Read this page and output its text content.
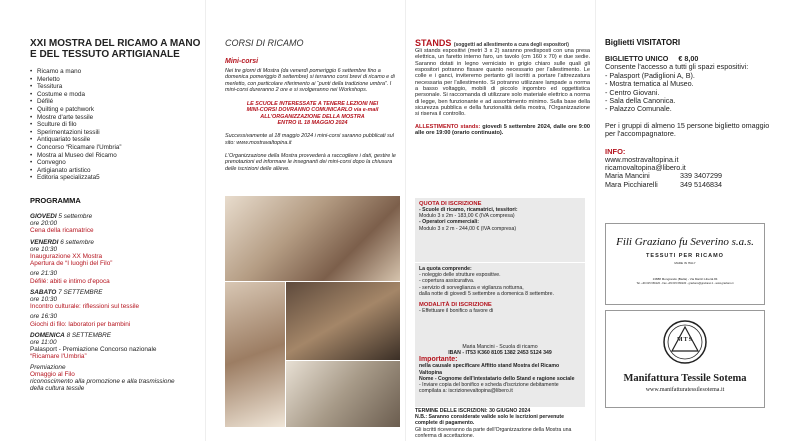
XXI MOSTRA DEL RICAMO A MANO
E DEL TESSUTO ARTIGIANALE
• Ricamo a mano
• Merletto
• Tessitura
• Costume e moda
• Défilé
• Quilting e patchwork
• Mostre d'arte tessile
• Sculture di filo
• Sperimentazioni tessili
• Antiquariato tessile
• Concorso “Ricamare l'Umbria”
• Mostra al Museo del Ricamo
• Convegno
• Artigianato artistico
• Editoria specializzata5

PROGRAMMA

GIOVEDI 5 settembre

ore 20:00

Cena della ricamatrice

VENERDI 6 settembre

ore 10:30

Inaugurazione XX Mostra

Apertura de “I luoghi del Filo”

ore 21:30

Défilé: abiti e intimo d'epoca

SABATO 7 SETTEMBRE

ore 10:30

Incontro culturale: riflessioni sul tessile

ore 16:30

Giochi di filo: laboratori per bambini

DOMENICA 8 SETTEMBRE

ore 11:00

Palasport - Premiazione Concorso nazionale

“Ricamare l'Umbria”

Premiazione

Omaggio al Filo

riconoscimento alla promozione e alla trasmissione della cultura tessile

CORSI DI RICAMO

Mini-corsi

Nei tre giorni di Mostra (da venerdì pomeriggio 6 settembre fino a domenica pomeriggio 8 settembre) si terranno corsi brevi di ricamo e di merletto, con particolare riferimento ai “punti della tradizione umbra”. I mini-corsi dureranno 2 ore e si svolgeranno nei Workshops.

LE SCUOLE INTERESSATE A TENERE LEZIONI NEI

MINI-CORSI DOVRANNO COMUNICARLO via e-mail

ALL'ORGANIZZAZIONE DELLA MOSTRA

ENTRO IL 18 MAGGIO 2024

Successivamente al 18 maggio 2024 i mini-corsi saranno pubblicati sul sito: www.mostravaltopina.it

L'Organizzazione della Mostra provvederà a raccogliere i dati, gestire le prenotazioni ed informare le insegnanti dei mini-corsi dopo la chiusura delle iscrizioni delle allieve.

STANDS (soggetti ad allestimento a cura degli espositori)

Gli stands espositivi (metri 3 x 2) saranno predisposti con una presa elettrica, un faretto interno faro, un tavolo (cm 160 x 70) e due sedie. Saranno dotati in legno verniciato in grigio chiaro sulle quali gli espositori potranno fissare quanto necessario per l'allestimento. Le colle e i ganci, inviteremo pertanto gli iscritti a portare l'attrezzatura necessaria per l'allestimento. Si potranno utilizzare lampade a norma a basso voltaggio, mobili di piccolo ingombro ed oggettistica personale. Si raccomanda di utilizzare solo materiale elettrico a norma di legge, ben funzionante e ad assorbimento minimo. Sulla base della sicurezza pubblica e della funzionalità della mostra, l'Organizzazione si riserva il controllo.

ALLESTIMENTO stands: giovedì 5 settembre 2024, dalle ore 9:00 alle ore 19:00 (orario continuato).

QUOTA DI ISCRIZIONE

- Scuole di ricamo, ricamatrici, tessitori:

Modulo 3 x 2m - 183,00 € (IVA compresa)

- Operatori commerciali:

Modulo 3 x 2 m - 244,00 € (IVA compresa)

La quota comprende:

- noleggio delle strutture espositive.

- copertura assicurativa.

- servizio di sorveglianza e vigilanza notturna,

dalla notte di giovedì 5 settembre a domenica 8 settembre.

MODALITÀ DI ISCRIZIONE

- Effettuare il bonifico a favore di

Maria Mancini - Scuola di ricamo

IBAN - IT53 K360 8105 1382 2453 5124 349

Importante:

nella causale specificare Affitto stand Mostra del Ricamo Valtopina

Nome - Cognome dell'intestatario dello Stand e ragione sociale

- Inviare copia del bonifico e scheda d'iscrizione debitamente compilata a: iscrizionevaltopina@libero.it

TERMINE DELLE ISCRIZIONI: 30 GIUGNO 2024

N.B.: Saranno considerate valide solo le iscrizioni pervenute complete di pagamento.

Gli iscritti riceveranno da parte dell'Organizzazione della Mostra una conferma di accettazione.

Biglietti VISITATORI

BIGLIETTO UNICO € 8,00

Consente l'accesso a tutti gli spazi espositivi:

- Palasport (Padiglioni A, B).

- Mostra tematica al Museo.

- Centro Giovani.

- Sala della Canonica.

- Palazzo Comunale.

Per i gruppi di almeno 15 persone biglietto omaggio per l'accompagnatore.

INFO:

www.mostravaltopina.it

ricamovaltopina@libero.it

Maria Mancini	339 3407299
Mara Picchiarelli	349 5146834

Fili Graziano fu Severino s.a.s.

TESSUTI PER RICAMO

MADE IN ITALY

13888 Mongrando (Biella) - Via Martiri Libertà 84

Tel. +39 015 666120 - Fax +39 015 666220 - graziano@graziano.it - www.graziano.it

MTS

Manifattura Tessile Sotema

www.manifatturatessilesotema.it
